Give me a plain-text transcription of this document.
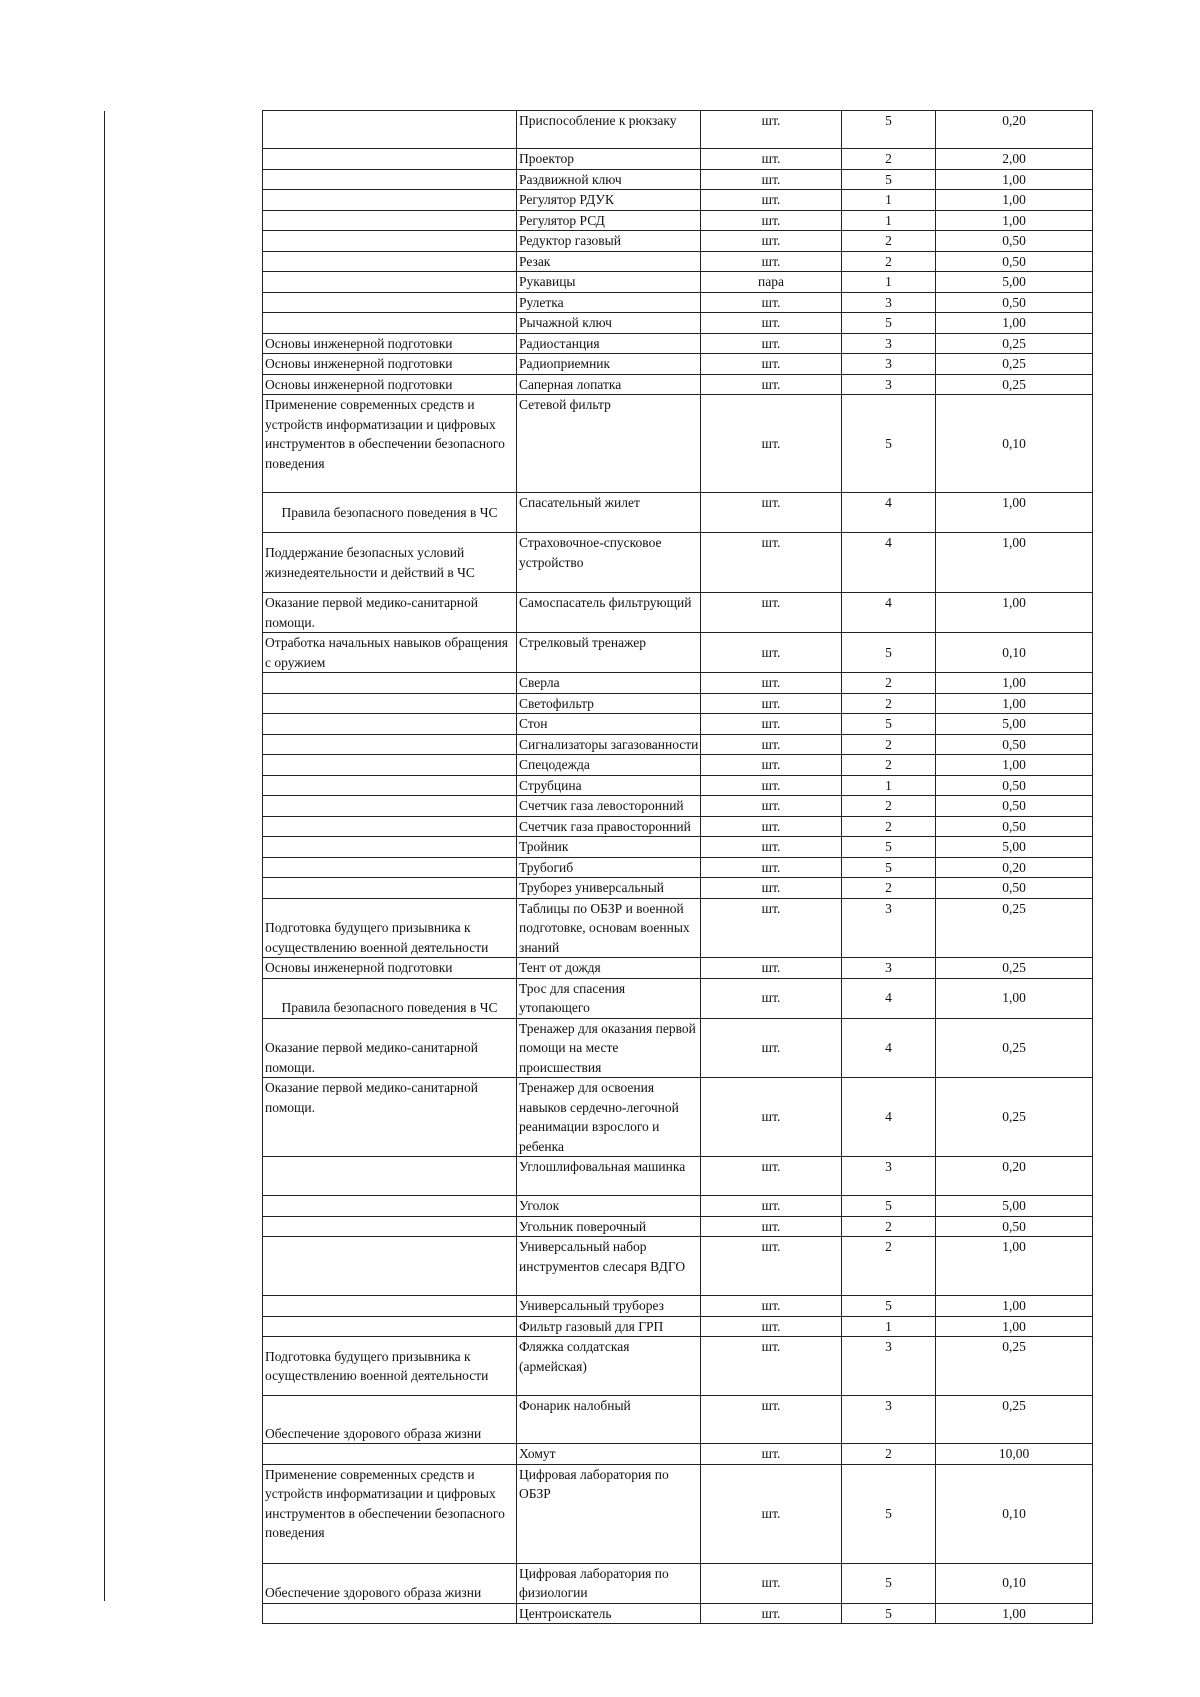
	Приспособление к рюкзаку	шт.	5	0,20
	Проектор	шт.	2	2,00
	Раздвижной ключ	шт.	5	1,00
	Регулятор РДУК	шт.	1	1,00
	Регулятор РСД	шт.	1	1,00
	Редуктор газовый	шт.	2	0,50
	Резак	шт.	2	0,50
	Рукавицы	пара	1	5,00
	Рулетка	шт.	3	0,50
	Рычажной ключ	шт.	5	1,00
Основы инженерной подготовки	Радиостанция	шт.	3	0,25
Основы инженерной подготовки	Радиоприемник	шт.	3	0,25
Основы инженерной подготовки	Саперная лопатка	шт.	3	0,25
Применение современных средств и устройств информатизации и цифровых инструментов в обеспечении безопасного поведения	Сетевой фильтр	шт.	5	0,10
Правила безопасного поведения в ЧС	Спасательный жилет	шт.	4	1,00
Поддержание безопасных условий жизнедеятельности и действий в ЧС	Страховочное-спусковое устройство	шт.	4	1,00
Оказание первой медико-санитарной помощи.	Самоспасатель фильтрующий	шт.	4	1,00
Отработка начальных навыков обращения с оружием	Стрелковый тренажер	шт.	5	0,10
	Сверла	шт.	2	1,00
	Светофильтр	шт.	2	1,00
	Стон	шт.	5	5,00
	Сигнализаторы загазованности	шт.	2	0,50
	Спецодежда	шт.	2	1,00
	Струбцина	шт.	1	0,50
	Счетчик газа левосторонний	шт.	2	0,50
	Счетчик газа правосторонний	шт.	2	0,50
	Тройник	шт.	5	5,00
	Трубогиб	шт.	5	0,20
	Труборез универсальный	шт.	2	0,50
Подготовка будущего призывника к осуществлению военной деятельности	Таблицы по ОБЗР и военной подготовке, основам военных знаний	шт.	3	0,25
Основы инженерной подготовки	Тент от дождя	шт.	3	0,25
Правила безопасного поведения в ЧС	Трос для спасения утопающего	шт.	4	1,00
Оказание первой медико-санитарной помощи.	Тренажер для оказания первой помощи на месте происшествия	шт.	4	0,25
Оказание первой медико-санитарной помощи.	Тренажер для освоения навыков сердечно-легочной реанимации взрослого и ребенка	шт.	4	0,25
	Углошлифовальная машинка	шт.	3	0,20
	Уголок	шт.	5	5,00
	Угольник поверочный	шт.	2	0,50
	Универсальный набор инструментов слесаря ВДГО	шт.	2	1,00
	Универсальный труборез	шт.	5	1,00
	Фильтр газовый для ГРП	шт.	1	1,00
Подготовка будущего призывника к осуществлению военной деятельности	Фляжка солдатская (армейская)	шт.	3	0,25
Обеспечение здорового образа жизни	Фонарик налобный	шт.	3	0,25
	Хомут	шт.	2	10,00
Применение современных средств и устройств информатизации и цифровых инструментов в обеспечении безопасного поведения	Цифровая лаборатория по ОБЗР	шт.	5	0,10
Обеспечение здорового образа жизни	Цифровая лаборатория по физиологии	шт.	5	0,10
	Центроискатель	шт.	5	1,00
